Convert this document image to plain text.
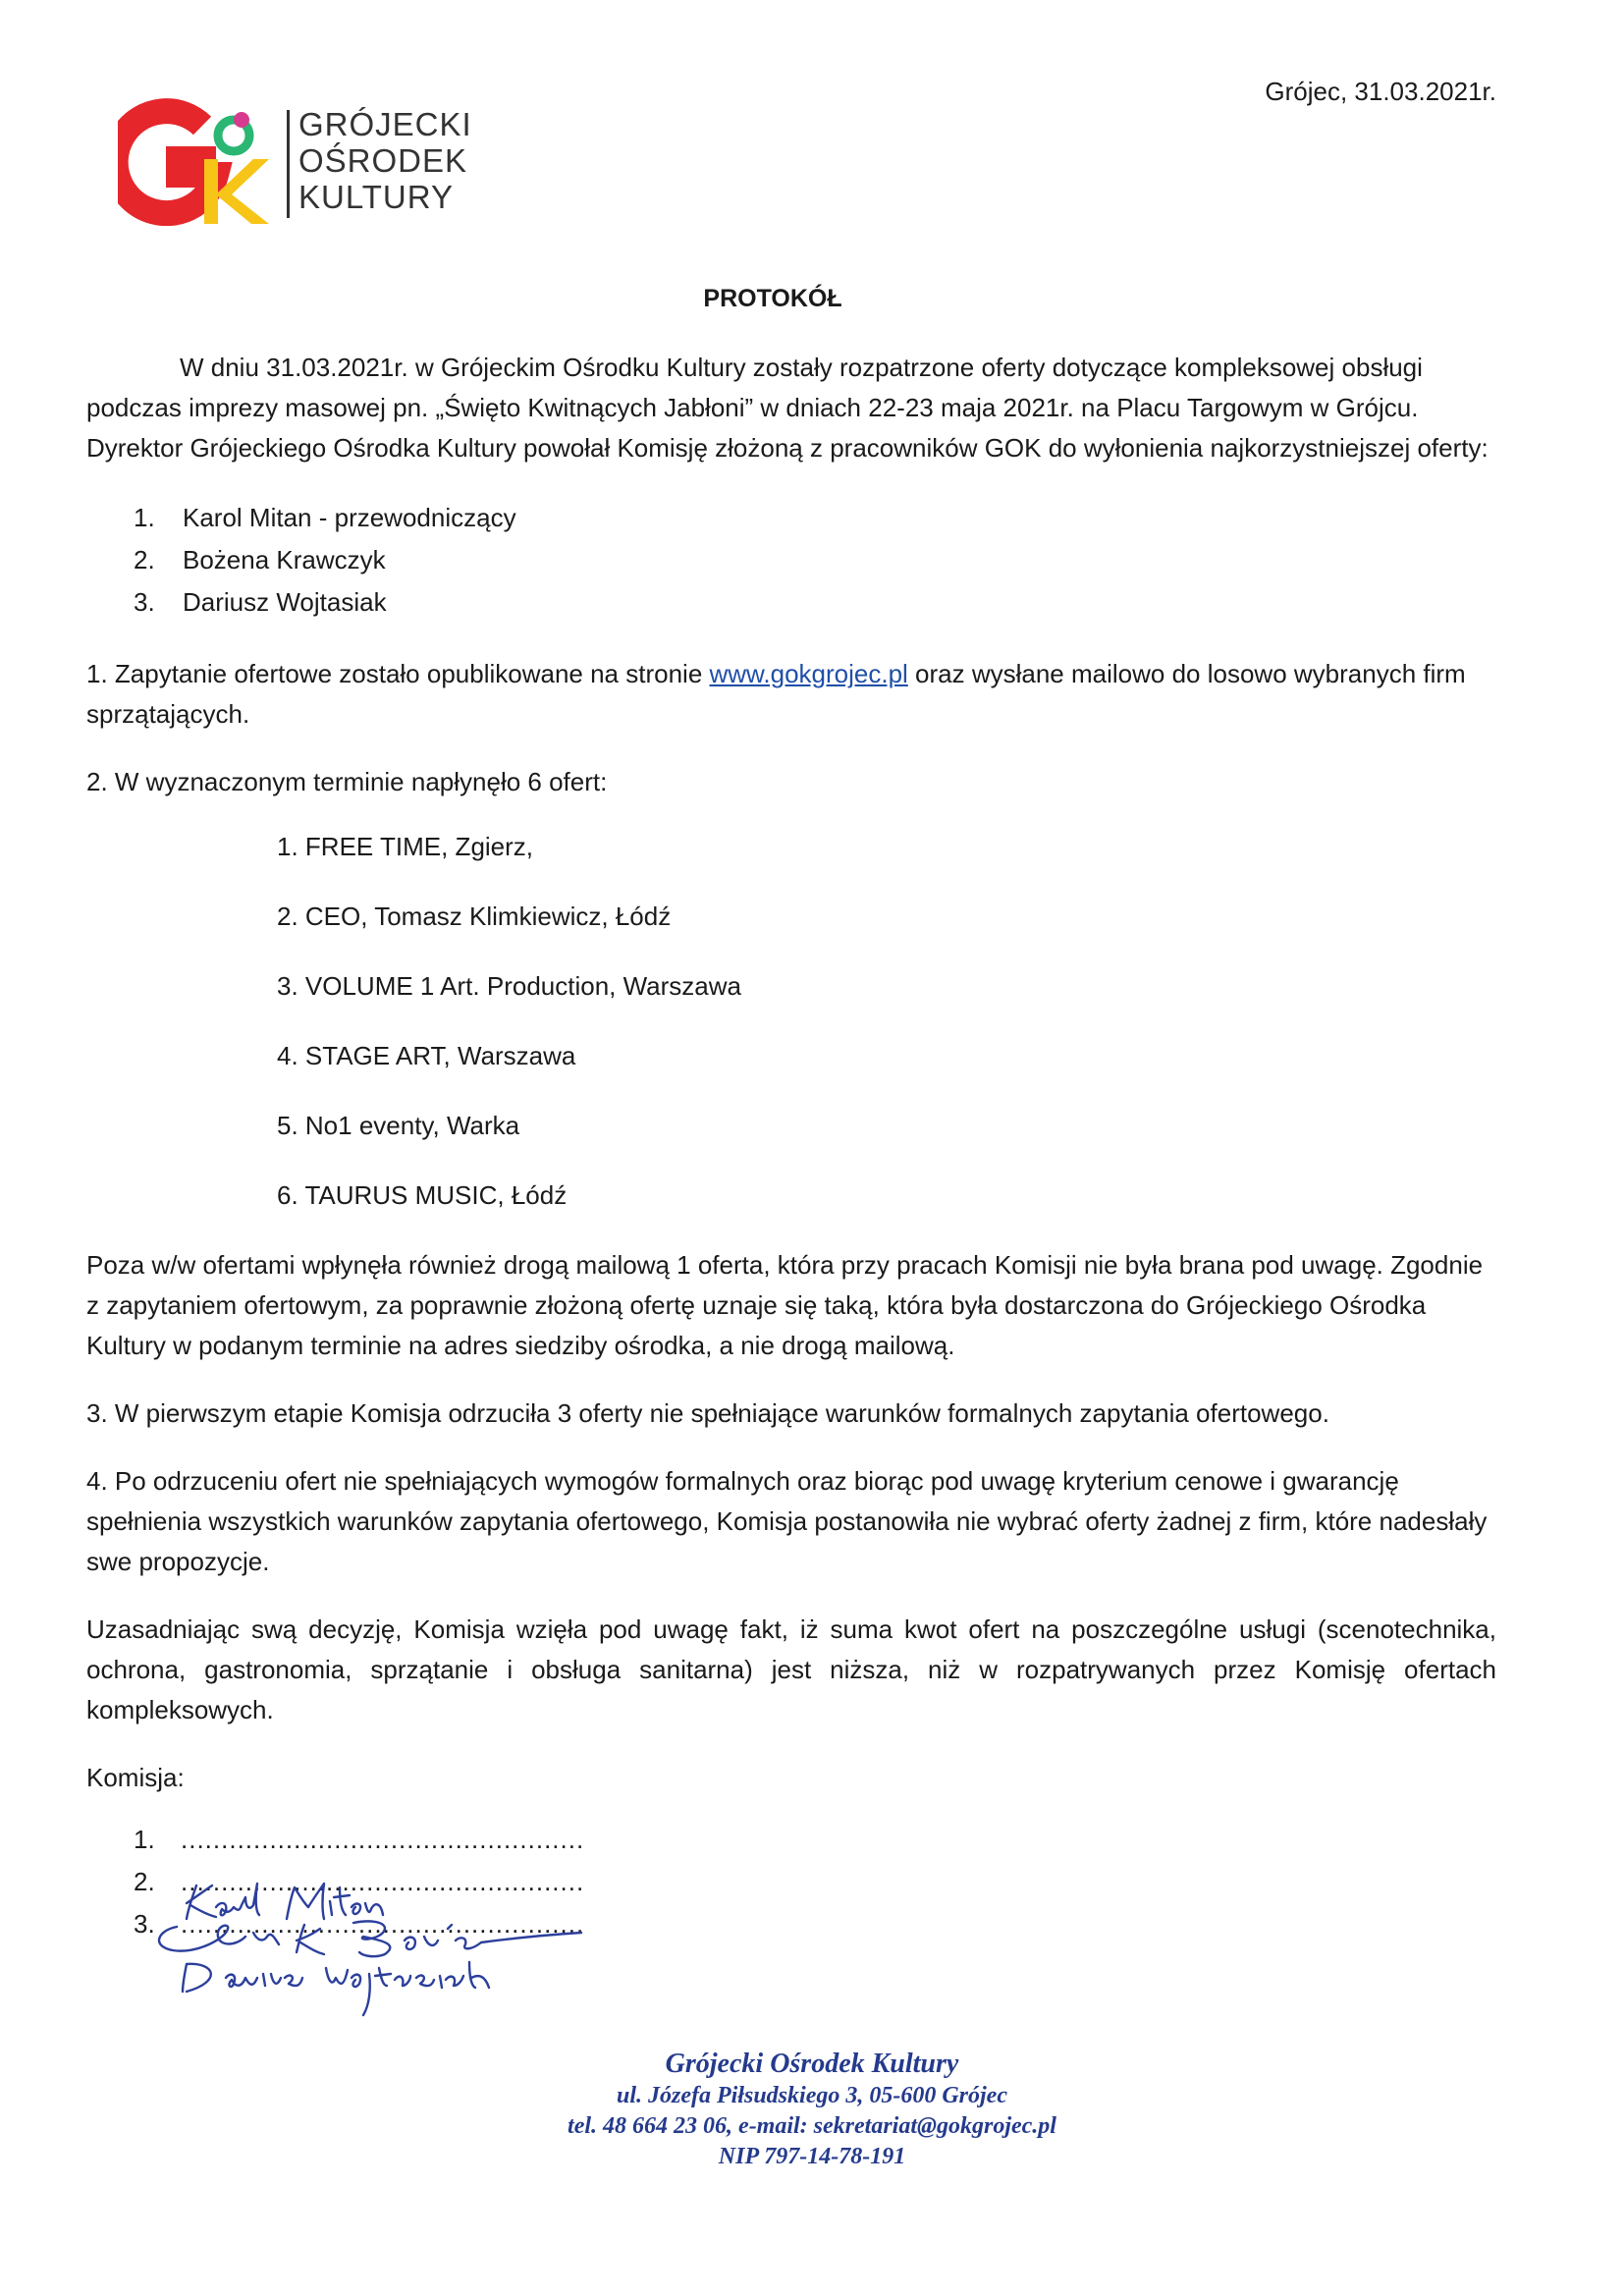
Grójec, 31.03.2021r.
GRÓJECKI
OŚRODEK
KULTURY
PROTOKÓŁ

W dniu 31.03.2021r. w Grójeckim Ośrodku Kultury zostały rozpatrzone oferty dotyczące kompleksowej obsługi podczas imprezy masowej pn. „Święto Kwitnących Jabłoni” w dniach 22-23 maja 2021r. na Placu Targowym w Grójcu. Dyrektor Grójeckiego Ośrodka Kultury powołał Komisję złożoną z pracowników GOK do wyłonienia najkorzystniejszej oferty:

1. Karol Mitan - przewodniczący
2. Bożena Krawczyk
3. Dariusz Wojtasiak

1. Zapytanie ofertowe zostało opublikowane na stronie www.gokgrojec.pl oraz wysłane mailowo do losowo wybranych firm sprzątających.

2. W wyznaczonym terminie napłynęło 6 ofert:

1. FREE TIME, Zgierz,
2. CEO, Tomasz Klimkiewicz, Łódź
3. VOLUME 1 Art. Production, Warszawa
4. STAGE ART, Warszawa
5. No1 eventy, Warka
6. TAURUS MUSIC, Łódź

Poza w/w ofertami wpłynęła również drogą mailową 1 oferta, która przy pracach Komisji nie była brana pod uwagę. Zgodnie z zapytaniem ofertowym, za poprawnie złożoną ofertę uznaje się taką, która była dostarczona do Grójeckiego Ośrodka Kultury w podanym terminie na adres siedziby ośrodka, a nie drogą mailową.

3. W pierwszym etapie Komisja odrzuciła 3 oferty nie spełniające warunków formalnych zapytania ofertowego.

4. Po odrzuceniu ofert nie spełniających wymogów formalnych oraz biorąc pod uwagę kryterium cenowe i gwarancję spełnienia wszystkich warunków zapytania ofertowego, Komisja postanowiła nie wybrać oferty żadnej z firm, które nadesłały swe propozycje.

Uzasadniając swą decyzję, Komisja wzięła pod uwagę fakt, iż suma kwot ofert na poszczególne usługi (scenotechnika, ochrona, gastronomia, sprzątanie i obsługa sanitarna) jest niższa, niż w rozpatrywanych przez Komisję ofertach kompleksowych.

Komisja:

1. ..................................................
2. ..................................................
3. ..................................................
Grójecki Ośrodek Kultury
ul. Józefa Piłsudskiego 3, 05-600 Grójec
tel. 48 664 23 06, e-mail: sekretariat@gokgrojec.pl
NIP 797-14-78-191
